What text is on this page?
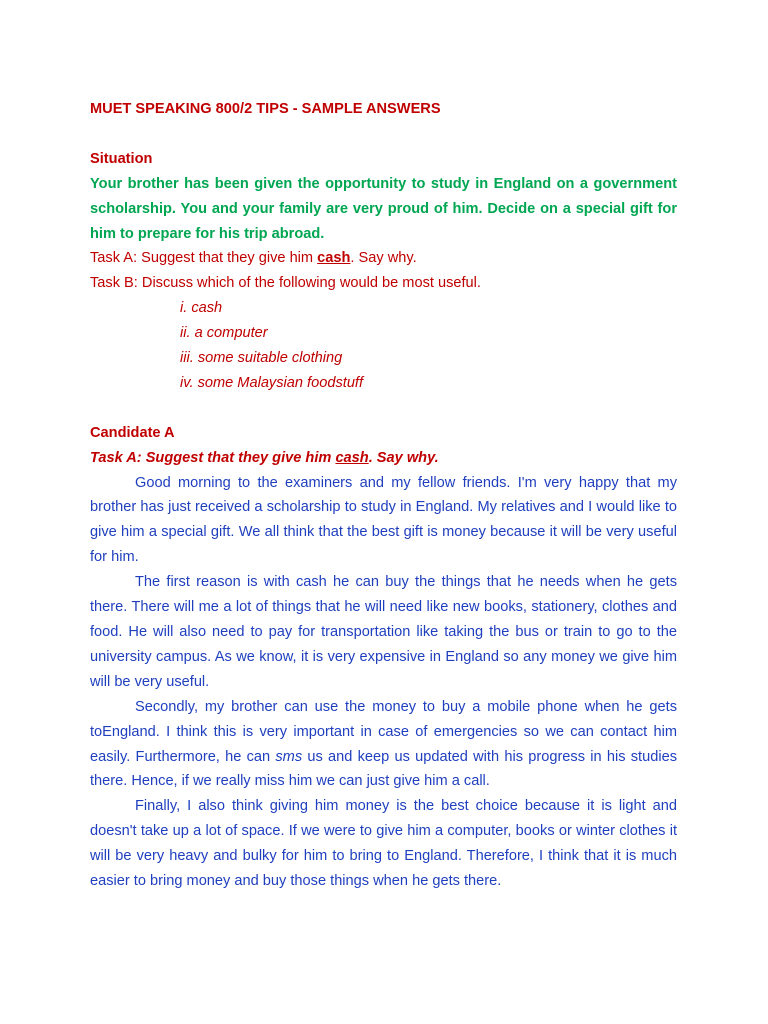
MUET SPEAKING 800/2 TIPS - SAMPLE ANSWERS

Situation

Your brother has been given the opportunity to study in England on a government scholarship. You and your family are very proud of him. Decide on a special gift for him to prepare for his trip abroad.

Task A: Suggest that they give him cash. Say why.

Task B: Discuss which of the following would be most useful.

i. cash

ii. a computer

iii. some suitable clothing

iv. some Malaysian foodstuff

Candidate A

Task A: Suggest that they give him cash. Say why.

Good morning to the examiners and my fellow friends. I'm very happy that my brother has just received a scholarship to study in England. My relatives and I would like to give him a special gift. We all think that the best gift is money because it will be very useful for him.

The first reason is with cash he can buy the things that he needs when he gets there. There will me a lot of things that he will need like new books, stationery, clothes and food. He will also need to pay for transportation like taking the bus or train to go to the university campus. As we know, it is very expensive in England so any money we give him will be very useful.

Secondly, my brother can use the money to buy a mobile phone when he gets toEngland. I think this is very important in case of emergencies so we can contact him easily. Furthermore, he can sms us and keep us updated with his progress in his studies there. Hence, if we really miss him we can just give him a call.

Finally, I also think giving him money is the best choice because it is light and doesn't take up a lot of space. If we were to give him a computer, books or winter clothes it will be very heavy and bulky for him to bring to England. Therefore, I think that it is much easier to bring money and buy those things when he gets there.
